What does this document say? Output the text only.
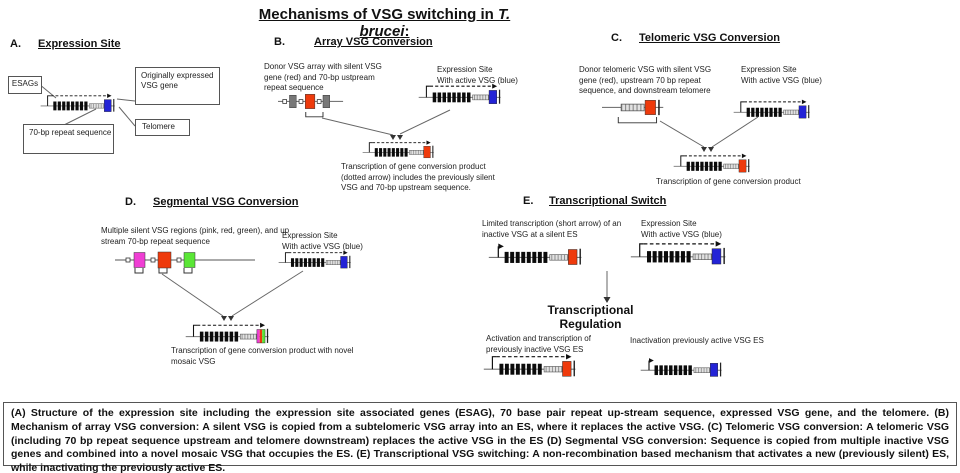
Mechanisms of VSG switching in T. brucei:
A. Expression Site
ESAGs
Originally expressed VSG gene
70-bp repeat sequence
Telomere
B.	Array VSG Conversion
Donor VSG array with silent VSG gene (red) and 70-bp ustpream repeat sequence
Expression Site
With active VSG (blue)
Transcription of gene conversion product (dotted arrow) includes the previously silent VSG and 70-bp upstream sequence.
C. Telomeric VSG Conversion
Donor telomeric VSG with silent VSG gene (red), upstream 70 bp repeat sequence, and downstream telomere
Expression Site
With active VSG (blue)
Transcription of gene conversion product
D. Segmental VSG Conversion
Multiple silent VSG regions (pink, red, green), and up stream 70-bp repeat sequence
Expression Site
With active VSG (blue)
Transcription of gene conversion product with novel mosaic VSG
E. Transcriptional Switch
Limited transcription (short arrow) of an inactive VSG at a silent ES
Expression Site
With active VSG (blue)
Transcriptional
Regulation
Activation and transcription of previously inactive VSG ES
Inactivation previously active VSG ES
(A) Structure of the expression site including the expression site associated genes (ESAG), 70 base pair repeat up-stream sequence, expressed VSG gene, and the telomere. (B) Mechanism of array VSG conversion: A silent VSG is copied from a subtelomeric VSG array into an ES, where it replaces the active VSG. (C) Telomeric VSG conversion: A telomeric VSG (including 70 bp repeat sequence upstream and telomere downstream) replaces the active VSG in the ES (D) Segmental VSG conversion: Sequence is copied from multiple inactive VSG genes and combined into a novel mosaic VSG that occupies the ES. (E) Transcriptional VSG switching: A non-recombination based mechanism that activates a new (previously silent) ES, while inactivating the previously active ES.
